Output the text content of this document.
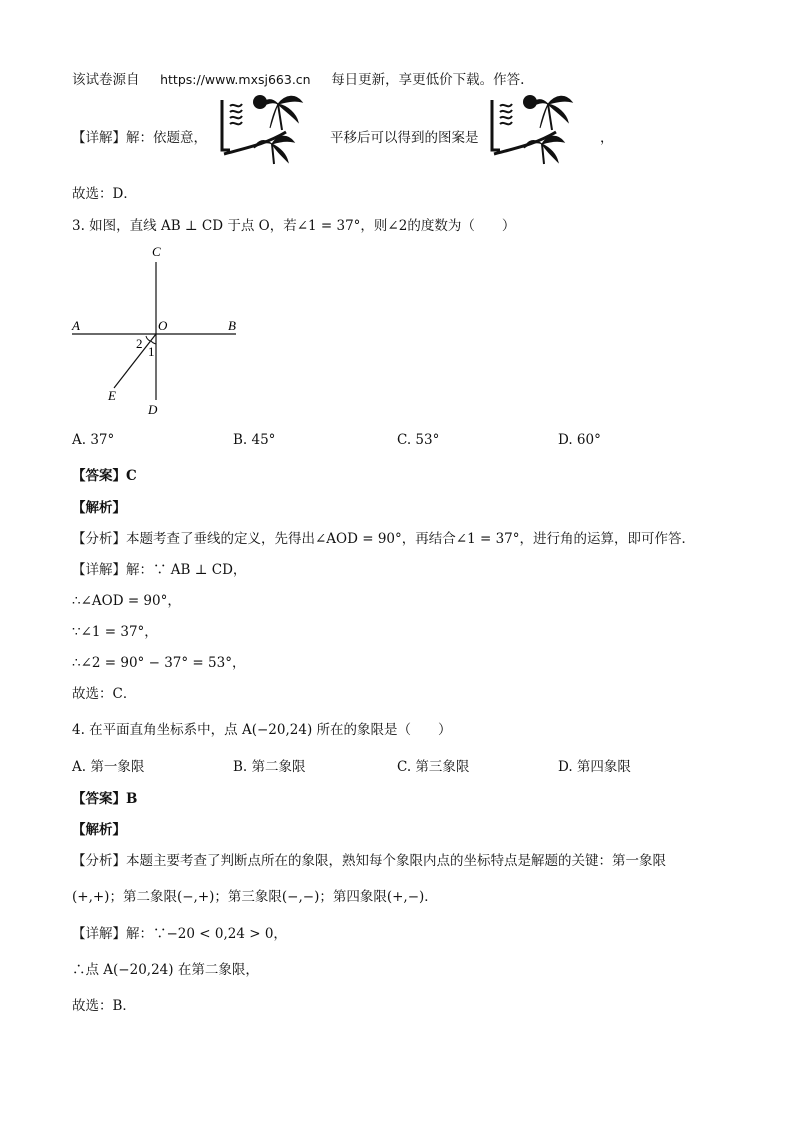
该试卷源自 https://www.mxsj663.cn 每日更新，享更低价下载。作答.
【详解】解：依题意，	平移后可以得到的图案是	，
故选：D．
3. 如图，直线 AB ⊥ CD 于点 O，若∠1 = 37°，则∠2的度数为（　　）
C
A	O	B
2
1
E
D
A. 37°	B. 45°	C. 53°	D. 60°
【答案】C
【解析】
【分析】本题考查了垂线的定义，先得出∠AOD = 90°，再结合∠1 = 37°，进行角的运算，即可作答．
【详解】解：∵ AB ⊥ CD，
∴∠AOD = 90°，
∵∠1 = 37°，
∴∠2 = 90° − 37° = 53°，
故选：C．
4. 在平面直角坐标系中，点 A(−20,24) 所在的象限是（　　）
A. 第一象限	B. 第二象限	C. 第三象限	D. 第四象限
【答案】B
【解析】
【分析】本题主要考查了判断点所在的象限，熟知每个象限内点的坐标特点是解题的关键：第一象限
(+,+)；第二象限(−,+)；第三象限(−,−)；第四象限(+,−)．
【详解】解：∵−20 < 0,24 > 0，
∴点 A(−20,24) 在第二象限，
故选：B．
